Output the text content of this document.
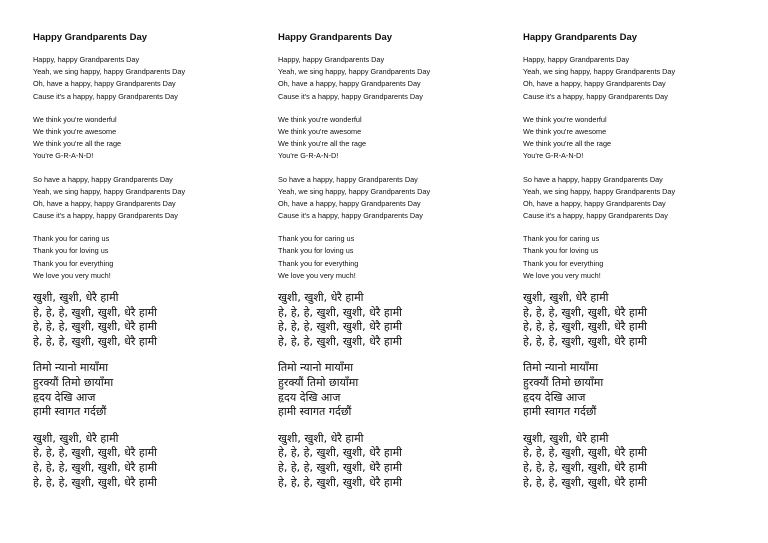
Happy Grandparents Day
Happy, happy Grandparents Day
Yeah, we sing happy, happy Grandparents Day
Oh, have a happy, happy Grandparents Day
Cause it's a happy, happy Grandparents Day
We think you're wonderful
We think you're awesome
We think you're all the rage
You're G-R-A-N-D!
So have a happy, happy Grandparents Day
Yeah, we sing happy, happy Grandparents Day
Oh, have a happy, happy Grandparents Day
Cause it's a happy, happy Grandparents Day
Thank you for caring us
Thank you for loving us
Thank you for everything
We love you very much!
खुशी, खुशी, धेरै हामी
हे, हे, हे, खुशी, खुशी, धेरै हामी
हे, हे, हे, खुशी, खुशी, धेरै हामी
हे, हे, हे, खुशी, खुशी, धेरै हामी
तिमो न्यानो मायाँमा
हुरक्यौं तिमो छायाँमा
हृदय देखि आज
हामी स्वागत गर्दछौं
खुशी, खुशी, धेरै हामी
हे, हे, हे, खुशी, खुशी, धेरै हामी
हे, हे, हे, खुशी, खुशी, धेरै हामी
हे, हे, हे, खुशी, खुशी, धेरै हामी
Happy Grandparents Day
Happy, happy Grandparents Day
Yeah, we sing happy, happy Grandparents Day
Oh, have a happy, happy Grandparents Day
Cause it's a happy, happy Grandparents Day
We think you're wonderful
We think you're awesome
We think you're all the rage
You're G-R-A-N-D!
So have a happy, happy Grandparents Day
Yeah, we sing happy, happy Grandparents Day
Oh, have a happy, happy Grandparents Day
Cause it's a happy, happy Grandparents Day
Thank you for caring us
Thank you for loving us
Thank you for everything
We love you very much!
खुशी, खुशी, धेरै हामी
हे, हे, हे, खुशी, खुशी, धेरै हामी
हे, हे, हे, खुशी, खुशी, धेरै हामी
हे, हे, हे, खुशी, खुशी, धेरै हामी
तिमो न्यानो मायाँमा
हुरक्यौं तिमो छायाँमा
हृदय देखि आज
हामी स्वागत गर्दछौं
खुशी, खुशी, धेरै हामी
हे, हे, हे, खुशी, खुशी, धेरै हामी
हे, हे, हे, खुशी, खुशी, धेरै हामी
हे, हे, हे, खुशी, खुशी, धेरै हामी
Happy Grandparents Day
Happy, happy Grandparents Day
Yeah, we sing happy, happy Grandparents Day
Oh, have a happy, happy Grandparents Day
Cause it's a happy, happy Grandparents Day
We think you're wonderful
We think you're awesome
We think you're all the rage
You're G-R-A-N-D!
So have a happy, happy Grandparents Day
Yeah, we sing happy, happy Grandparents Day
Oh, have a happy, happy Grandparents Day
Cause it's a happy, happy Grandparents Day
Thank you for caring us
Thank you for loving us
Thank you for everything
We love you very much!
खुशी, खुशी, धेरै हामी
हे, हे, हे, खुशी, खुशी, धेरै हामी
हे, हे, हे, खुशी, खुशी, धेरै हामी
हे, हे, हे, खुशी, खुशी, धेरै हामी
तिमो न्यानो मायाँमा
हुरक्यौं तिमो छायाँमा
हृदय देखि आज
हामी स्वागत गर्दछौं
खुशी, खुशी, धेरै हामी
हे, हे, हे, खुशी, खुशी, धेरै हामी
हे, हे, हे, खुशी, खुशी, धेरै हामी
हे, हे, हे, खुशी, खुशी, धेरै हामी
